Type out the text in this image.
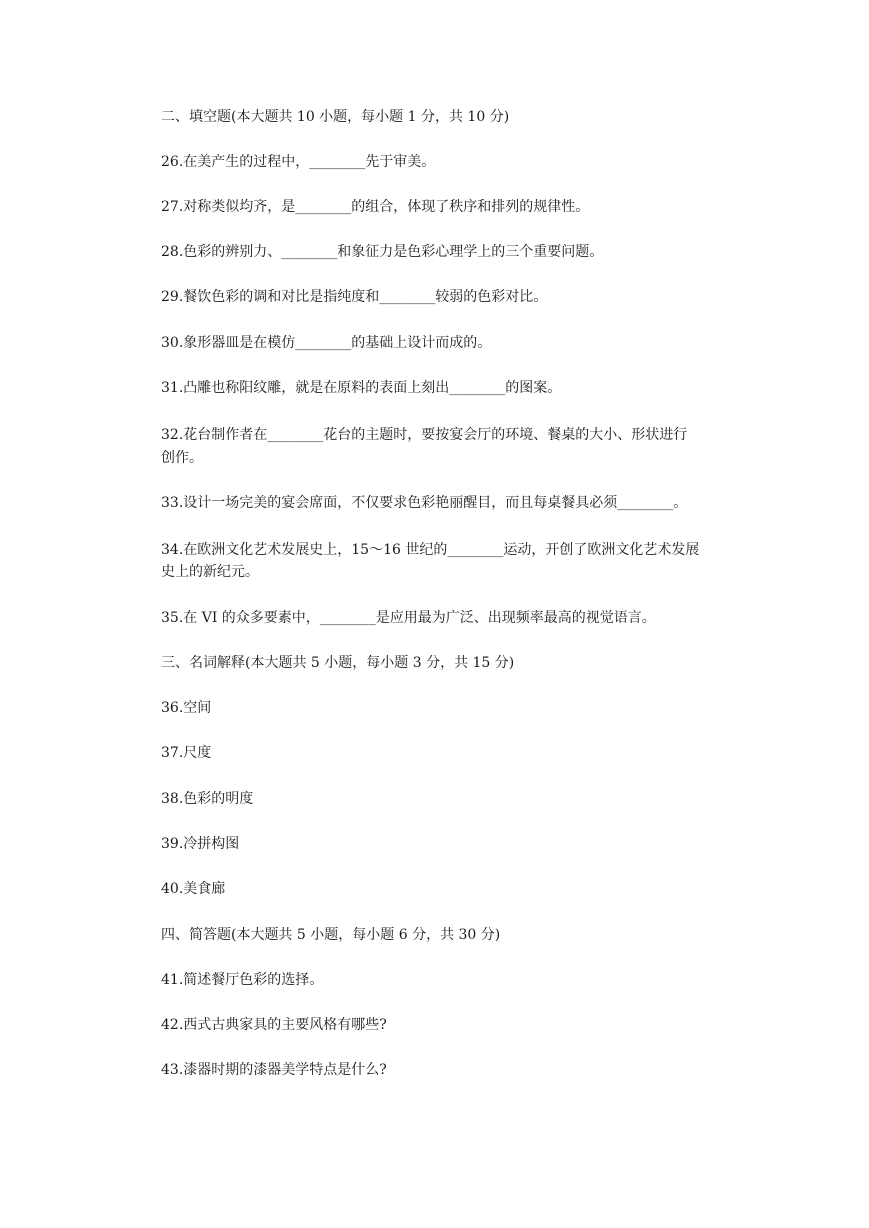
二、填空题(本大题共 10 小题，每小题 1 分，共 10 分)
26.在美产生的过程中，________先于审美。
27.对称类似均齐，是________的组合，体现了秩序和排列的规律性。
28.色彩的辨别力、________和象征力是色彩心理学上的三个重要问题。
29.餐饮色彩的调和对比是指纯度和________较弱的色彩对比。
30.象形器皿是在模仿________的基础上设计而成的。
31.凸雕也称阳纹雕，就是在原料的表面上刻出________的图案。
32.花台制作者在________花台的主题时，要按宴会厅的环境、餐桌的大小、形状进行
创作。
33.设计一场完美的宴会席面，不仅要求色彩艳丽醒目，而且每桌餐具必须________。
34.在欧洲文化艺术发展史上，15～16 世纪的________运动，开创了欧洲文化艺术发展
史上的新纪元。
35.在 VI 的众多要素中，________是应用最为广泛、出现频率最高的视觉语言。
三、名词解释(本大题共 5 小题，每小题 3 分，共 15 分)
36.空间
37.尺度
38.色彩的明度
39.冷拼构图
40.美食廊
四、简答题(本大题共 5 小题，每小题 6 分，共 30 分)
41.简述餐厅色彩的选择。
42.西式古典家具的主要风格有哪些?
43.漆器时期的漆器美学特点是什么?
